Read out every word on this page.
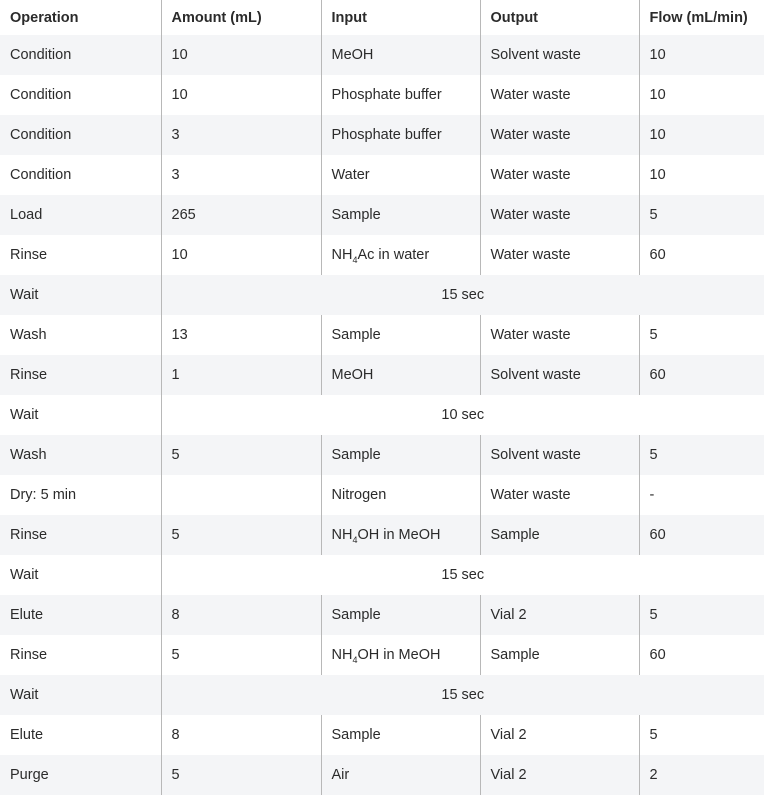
Operation	Amount (mL)	Input	Output	Flow (mL/min)
Condition	10	MeOH	Solvent waste	10
Condition	10	Phosphate buffer	Water waste	10
Condition	3	Phosphate buffer	Water waste	10
Condition	3	Water	Water waste	10
Load	265	Sample	Water waste	5
Rinse	10	$NH_4Ac$ in water	Water waste	60
Wait	15 sec			
Wash	13	Sample	Water waste	5
Rinse	1	MeOH	Solvent waste	60
Wait	10 sec			
Wash	5	Sample	Solvent waste	5
Dry: 5 min		Nitrogen	Water waste	-
Rinse	5	$NH_4OH$ in MeOH	Sample	60
Wait	15 sec			
Elute	8	Sample	Vial 2	5
Rinse	5	$NH_4OH$ in MeOH	Sample	60
Wait	15 sec			
Elute	8	Sample	Vial 2	5
Purge	5	Air	Vial 2	2
